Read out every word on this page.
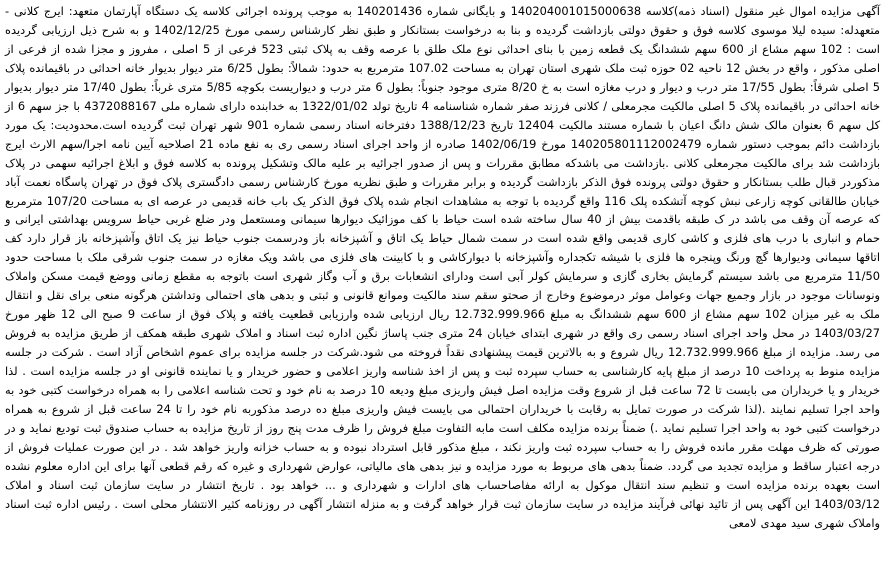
آگهی مزایده اموال غیر منقول (اسناد ذمه)کلاسه 140204001015000638 و بایگانی شماره 140201436 به موجب پرونده اجرائی کلاسه یک دستگاه آپارتمان متعهد: ایرج کلانی - متعهدله: سیده لیلا موسوی کلاسه فوق و حقوق دولتی بازداشت گردیده و بنا به درخواست بستانکار و طبق نظر کارشناس رسمی مورخ 1402/12/25 و به شرح ذیل ارزیابی گردیده است : 102 سهم مشاع از 600 سهم ششدانگ یک قطعه زمین با بنای احداثی نوع ملک طلق با عرصه وقف به پلاک ثبتی 523 فرعی از 5 اصلی ، مفروز و مجزا شده از فرعی از اصلی مذکور ، واقع در بخش 12 ناحیه 02 حوزه ثبت ملک شهری استان تهران به مساحت 107.02 مترمربع به حدود: شمالاً: بطول 6/25 متر دیوار بدیوار خانه احداثی در باقیمانده پلاک 5 اصلی شرقاً: بطول 17/55 متر درب و دیوار و درب مغازه است به خ 8/20 متری موجود جنوباً: بطول 6 متر درب و دیواریست بکوچه 5/85 متری غرباً: بطول 17/40 متر دیوار بدیوار خانه احداثی در باقیمانده پلاک 5 اصلی مالکیت مجرمعلی / کلانی فرزند صفر شماره شناسنامه 4 تاریخ تولد 1322/01/02 به خدابنده دارای شماره ملی 4372088167 با جز سهم 6 از کل سهم 6 بعنوان مالک شش دانگ اعیان با شماره مستند مالکیت 12404 تاریخ 1388/12/23 دفترخانه اسناد رسمی شماره 901 شهر تهران ثبت گردیده است.محدودیت: یک مورد بازداشت دائم بموجب دستور شماره 140205801112002479 مورخ 1402/06/19 صادره از واحد اجرای اسناد رسمی ری به نفع ماده 21 اصلاحیه آیین نامه اجرا/سهم الارث ایرج بازداشت شد برای مالکیت مجرمعلی کلانی .بازداشت می باشدکه مطابق مقررات و پس از صدور اجرائیه بر علیه مالک وتشکیل پرونده به کلاسه فوق و ابلاغ اجرائیه سهمی در پلاک مذکوردر قبال طلب بستانکار و حقوق دولتی پرونده فوق الذکر بازداشت گردیده و برابر مقررات و طبق نظریه مورخ کارشناس رسمی دادگستری پلاک فوق در تهران پاسگاه نعمت آباد خیابان طالقانی کوچه زارعی نبش کوچه آتشکده پلک 116 واقع گردیده با توجه به مشاهدات انجام شده پلاک فوق الذکر یک باب خانه قدیمی در عرصه ای به مساحت 107/20 مترمربع که عرصه آن وقف می باشد در ک طبقه باقدمت بیش از 40 سال ساخته شده است حیاط با کف موزائیک دیوارها سیمانی ومستعمل ودر ضلع غربی حیاط سرویس بهداشتی ایرانی و حمام و انباری با درب های فلزی و کاشی کاری قدیمی واقع شده است در سمت شمال حیاط یک اتاق و آشپزخانه باز ودرسمت جنوب حیاط نیز یک اتاق وآشپزخانه باز قرار دارد کف اتاقها سیمانی ودیوارها گچ ورنگ وپنجره ها فلزی با شیشه تکجداره وآشپزخانه با دیوارکاشی و با کابینت های فلزی می باشد ویک مغازه در سمت جنوب شرقی ملک با مساحت حدود 11/50 مترمربع می باشد سیستم گرمایش بخاری گازی و سرمایش کولر آبی است ودارای انشعابات برق و آب وگاز شهری است باتوجه به مقطع زمانی ووضع قیمت مسکن واملاک ونوسانات موجود در بازار وجمیع جهات وعوامل موثر درموضوع وخارج از صحتو سقم سند مالکیت وموانع قانونی و ثبتی و بدهی های احتمالی وتداشتن هرگونه منعی برای نقل و انتقال ملک به غیر میزان 102 سهم مشاع از 600 سهم ششدانگ به مبلغ 12.732.999.966 ریال ارزیابی شده وارزیابی قطعیت یافته و پلاک فوق از ساعت 9 صبح الی 12 ظهر مورخ 1403/03/27 در محل واحد اجرای اسناد رسمی ری واقع در شهری ابتدای خیابان 24 متری جنب پاساژ نگین اداره ثبت اسناد و املاک شهری طبقه همکف از طریق مزایده به فروش می رسد. مزایده از مبلغ 12.732.999.966 ریال شروع و به بالاترین قیمت پیشنهادی نقداً فروخته می شود.شرکت در جلسه مزایده برای عموم اشخاص آزاد است . شرکت در جلسه مزایده منوط به پرداخت 10 درصد از مبلغ پایه کارشناسی به حساب سپرده ثبت و پس از اخذ شناسه واریز اعلامی و حضور خریدار و یا نماینده قانونی او در جلسه مزایده است . لذا خریدار و یا خریداران می بایست تا 72 ساعت قبل از شروع وقت مزایده اصل فیش واریزی مبلغ ودیعه 10 درصد به نام خود و تحت شناسه اعلامی را به همراه درخواست کتبی خود به واحد اجرا تسلیم نمایند .(لذا شرکت در صورت تمایل به رقابت با خریداران احتمالی می بایست فیش واریزی مبلغ ده درصد مذکوربه نام خود را تا 24 ساعت قبل از شروع به همراه درخواست کتبی خود به واحد اجرا تسلیم نماید .) ضمناً برنده مزایده مکلف است مابه التفاوت مبلغ فروش را ظرف مدت پنج روز از تاریخ مزایده به حساب صندوق ثبت تودیع نماید و در صورتی که ظرف مهلت مقرر مانده فروش را به حساب سپرده ثبت واریز نکند ، مبلغ مذکور قابل استرداد نبوده و به حساب خزانه واریز خواهد شد . در این صورت عملیات فروش از درجه اعتبار ساقط و مزایده تجدید می گردد. ضمناً بدهی های مربوط به مورد مزایده و نیز بدهی های مالیاتی، عوارض شهرداری و غیره که رقم قطعی آنها برای این اداره معلوم نشده است بعهده برنده مزایده است و تنظیم سند انتقال موکول به ارائه مفاصاحساب های ادارات و شهرداری و ... خواهد بود . تاریخ انتشار در سایت سازمان ثبت اسناد و املاک 1403/03/12 این آگهی پس از تائید نهائی فرآیند مزایده در سایت سازمان ثبت قرار خواهد گرفت و به منزله انتشار آگهی در روزنامه کثیر الانتشار محلی است . رئیس اداره ثبت اسناد واملاک شهری سید مهدی لامعی
